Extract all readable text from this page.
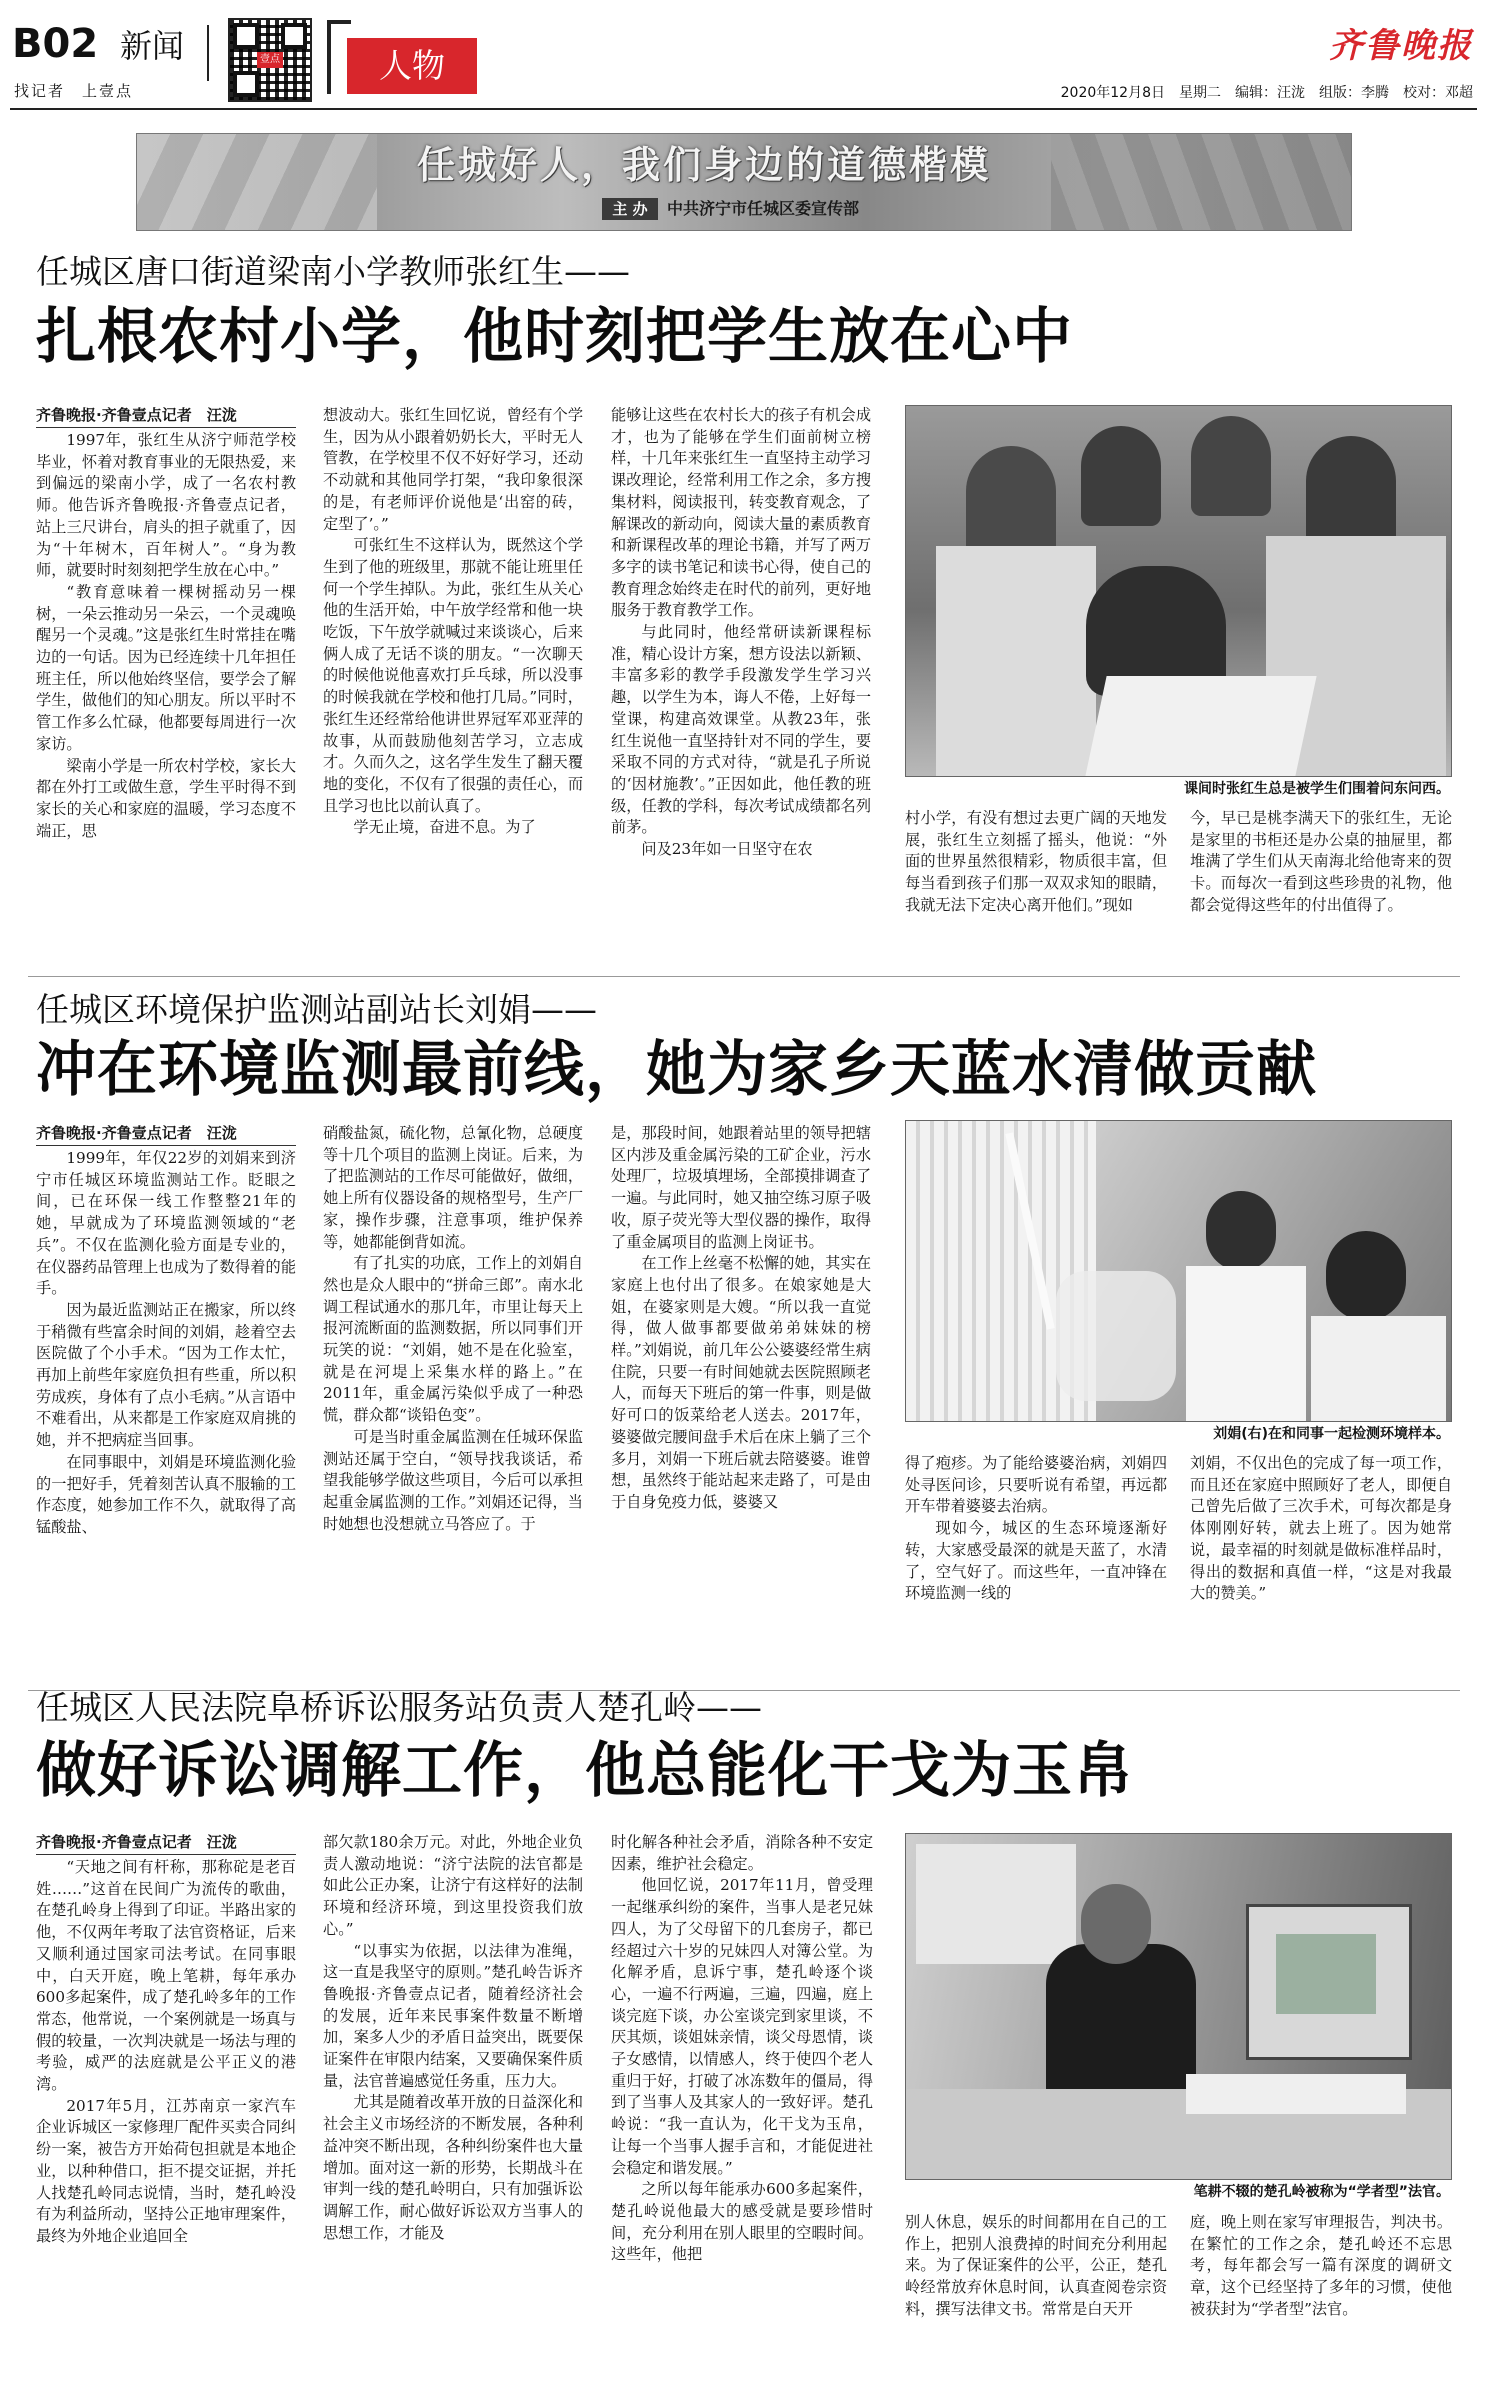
B02 新闻
找记者　上壹点
壹点	人物	齐鲁晚报
2020年12月8日　星期二　编辑：汪泷　组版：李腾　校对：邓超
任城好人，我们身边的道德楷模
主 办	中共济宁市任城区委宣传部
任城区唐口街道梁南小学教师张红生——
扎根农村小学，他时刻把学生放在心中
齐鲁晚报·齐鲁壹点记者　汪泷

1997年，张红生从济宁师范学校毕业，怀着对教育事业的无限热爱，来到偏远的梁南小学，成了一名农村教师。他告诉齐鲁晚报·齐鲁壹点记者，站上三尺讲台，肩头的担子就重了，因为“十年树木，百年树人”。“身为教师，就要时时刻刻把学生放在心中。”

“教育意味着一棵树摇动另一棵树，一朵云推动另一朵云，一个灵魂唤醒另一个灵魂。”这是张红生时常挂在嘴边的一句话。因为已经连续十几年担任班主任，所以他始终坚信，要学会了解学生，做他们的知心朋友。所以平时不管工作多么忙碌，他都要每周进行一次家访。

梁南小学是一所农村学校，家长大都在外打工或做生意，学生平时得不到家长的关心和家庭的温暖，学习态度不端正，思

想波动大。张红生回忆说，曾经有个学生，因为从小跟着奶奶长大，平时无人管教，在学校里不仅不好好学习，还动不动就和其他同学打架，“我印象很深的是，有老师评价说他是‘出窑的砖，定型了’。”

可张红生不这样认为，既然这个学生到了他的班级里，那就不能让班里任何一个学生掉队。为此，张红生从关心他的生活开始，中午放学经常和他一块吃饭，下午放学就喊过来谈谈心，后来俩人成了无话不谈的朋友。“一次聊天的时候他说他喜欢打乒乓球，所以没事的时候我就在学校和他打几局。”同时，张红生还经常给他讲世界冠军邓亚萍的故事，从而鼓励他刻苦学习，立志成才。久而久之，这名学生发生了翻天覆地的变化，不仅有了很强的责任心，而且学习也比以前认真了。

学无止境，奋进不息。为了

能够让这些在农村长大的孩子有机会成才，也为了能够在学生们面前树立榜样，十几年来张红生一直坚持主动学习课改理论，经常利用工作之余，多方搜集材料，阅读报刊，转变教育观念，了解课改的新动向，阅读大量的素质教育和新课程改革的理论书籍，并写了两万多字的读书笔记和读书心得，使自己的教育理念始终走在时代的前列，更好地服务于教育教学工作。

与此同时，他经常研读新课程标准，精心设计方案，想方设法以新颖、丰富多彩的教学手段激发学生学习兴趣，以学生为本，诲人不倦，上好每一堂课，构建高效课堂。从教23年，张红生说他一直坚持针对不同的学生，要采取不同的方式对待，“就是孔子所说的‘因材施教’。”正因如此，他任教的班级，任教的学科，每次考试成绩都名列前茅。

问及23年如一日坚守在农

课间时张红生总是被学生们围着问东问西。

村小学，有没有想过去更广阔的天地发展，张红生立刻摇了摇头，他说：“外面的世界虽然很精彩，物质很丰富，但每当看到孩子们那一双双求知的眼睛，我就无法下定决心离开他们。”现如

今，早已是桃李满天下的张红生，无论是家里的书柜还是办公桌的抽屉里，都堆满了学生们从天南海北给他寄来的贺卡。而每次一看到这些珍贵的礼物，他都会觉得这些年的付出值得了。

任城区环境保护监测站副站长刘娟——
冲在环境监测最前线，她为家乡天蓝水清做贡献
齐鲁晚报·齐鲁壹点记者　汪泷

1999年，年仅22岁的刘娟来到济宁市任城区环境监测站工作。眨眼之间，已在环保一线工作整整21年的她，早就成为了环境监测领域的“老兵”。不仅在监测化验方面是专业的，在仪器药品管理上也成为了数得着的能手。

因为最近监测站正在搬家，所以终于稍微有些富余时间的刘娟，趁着空去医院做了个小手术。“因为工作太忙，再加上前些年家庭负担有些重，所以积劳成疾，身体有了点小毛病。”从言语中不难看出，从来都是工作家庭双肩挑的她，并不把病症当回事。

在同事眼中，刘娟是环境监测化验的一把好手，凭着刻苦认真不服输的工作态度，她参加工作不久，就取得了高锰酸盐、

硝酸盐氮，硫化物，总氰化物，总硬度等十几个项目的监测上岗证。后来，为了把监测站的工作尽可能做好，做细，她上所有仪器设备的规格型号，生产厂家，操作步骤，注意事项，维护保养等，她都能倒背如流。

有了扎实的功底，工作上的刘娟自然也是众人眼中的“拼命三郎”。南水北调工程试通水的那几年，市里让每天上报河流断面的监测数据，所以同事们开玩笑的说：“刘娟，她不是在化验室，就是在河堤上采集水样的路上。”在2011年，重金属污染似乎成了一种恐慌，群众都“谈铅色变”。

可是当时重金属监测在任城环保监测站还属于空白，“领导找我谈话，希望我能够学做这些项目，今后可以承担起重金属监测的工作。”刘娟还记得，当时她想也没想就立马答应了。于

是，那段时间，她跟着站里的领导把辖区内涉及重金属污染的工矿企业，污水处理厂，垃圾填埋场，全部摸排调查了一遍。与此同时，她又抽空练习原子吸收，原子荧光等大型仪器的操作，取得了重金属项目的监测上岗证书。

在工作上丝毫不松懈的她，其实在家庭上也付出了很多。在娘家她是大姐，在婆家则是大嫂。“所以我一直觉得，做人做事都要做弟弟妹妹的榜样。”刘娟说，前几年公公婆婆经常生病住院，只要一有时间她就去医院照顾老人，而每天下班后的第一件事，则是做好可口的饭菜给老人送去。2017年，婆婆做完腰间盘手术后在床上躺了三个多月，刘娟一下班后就去陪婆婆。谁曾想，虽然终于能站起来走路了，可是由于自身免疫力低，婆婆又

刘娟(右)在和同事一起检测环境样本。

得了疱疹。为了能给婆婆治病，刘娟四处寻医问诊，只要听说有希望，再远都开车带着婆婆去治病。

现如今，城区的生态环境逐渐好转，大家感受最深的就是天蓝了，水清了，空气好了。而这些年，一直冲锋在环境监测一线的

刘娟，不仅出色的完成了每一项工作，而且还在家庭中照顾好了老人，即便自己曾先后做了三次手术，可每次都是身体刚刚好转，就去上班了。因为她常说，最幸福的时刻就是做标准样品时，得出的数据和真值一样，“这是对我最大的赞美。”

任城区人民法院阜桥诉讼服务站负责人楚孔岭——
做好诉讼调解工作，他总能化干戈为玉帛
齐鲁晚报·齐鲁壹点记者　汪泷

“天地之间有杆称，那称砣是老百姓……”这首在民间广为流传的歌曲，在楚孔岭身上得到了印证。半路出家的他，不仅两年考取了法官资格证，后来又顺利通过国家司法考试。在同事眼中，白天开庭，晚上笔耕，每年承办600多起案件，成了楚孔岭多年的工作常态，他常说，一个案例就是一场真与假的较量，一次判决就是一场法与理的考验，威严的法庭就是公平正义的港湾。

2017年5月，江苏南京一家汽车企业诉城区一家修理厂配件买卖合同纠纷一案，被告方开始荷包担就是本地企业，以种种借口，拒不提交证据，并托人找楚孔岭同志说情，当时，楚孔岭没有为利益所动，坚持公正地审理案件，最终为外地企业追回全

部欠款180余万元。对此，外地企业负责人激动地说：“济宁法院的法官都是如此公正办案，让济宁有这样好的法制环境和经济环境，到这里投资我们放心。”

“以事实为依据，以法律为准绳，这一直是我坚守的原则。”楚孔岭告诉齐鲁晚报·齐鲁壹点记者，随着经济社会的发展，近年来民事案件数量不断增加，案多人少的矛盾日益突出，既要保证案件在审限内结案，又要确保案件质量，法官普遍感觉任务重，压力大。

尤其是随着改革开放的日益深化和社会主义市场经济的不断发展，各种利益冲突不断出现，各种纠纷案件也大量增加。面对这一新的形势，长期战斗在审判一线的楚孔岭明白，只有加强诉讼调解工作，耐心做好诉讼双方当事人的思想工作，才能及

时化解各种社会矛盾，消除各种不安定因素，维护社会稳定。

他回忆说，2017年11月，曾受理一起继承纠纷的案件，当事人是老兄妹四人，为了父母留下的几套房子，都已经超过六十岁的兄妹四人对簿公堂。为化解矛盾，息诉宁事，楚孔岭逐个谈心，一遍不行两遍，三遍，四遍，庭上谈完庭下谈，办公室谈完到家里谈，不厌其烦，谈姐妹亲情，谈父母恩情，谈子女感情，以情感人，终于使四个老人重归于好，打破了冰冻数年的僵局，得到了当事人及其家人的一致好评。楚孔岭说：“我一直认为，化干戈为玉帛，让每一个当事人握手言和，才能促进社会稳定和谐发展。”

之所以每年能承办600多起案件，楚孔岭说他最大的感受就是要珍惜时间，充分利用在别人眼里的空暇时间。这些年，他把

笔耕不辍的楚孔岭被称为“学者型”法官。

别人休息，娱乐的时间都用在自己的工作上，把别人浪费掉的时间充分利用起来。为了保证案件的公平，公正，楚孔岭经常放弃休息时间，认真查阅卷宗资料，撰写法律文书。常常是白天开

庭，晚上则在家写审理报告，判决书。在繁忙的工作之余，楚孔岭还不忘思考，每年都会写一篇有深度的调研文章，这个已经坚持了多年的习惯，使他被获封为“学者型”法官。
